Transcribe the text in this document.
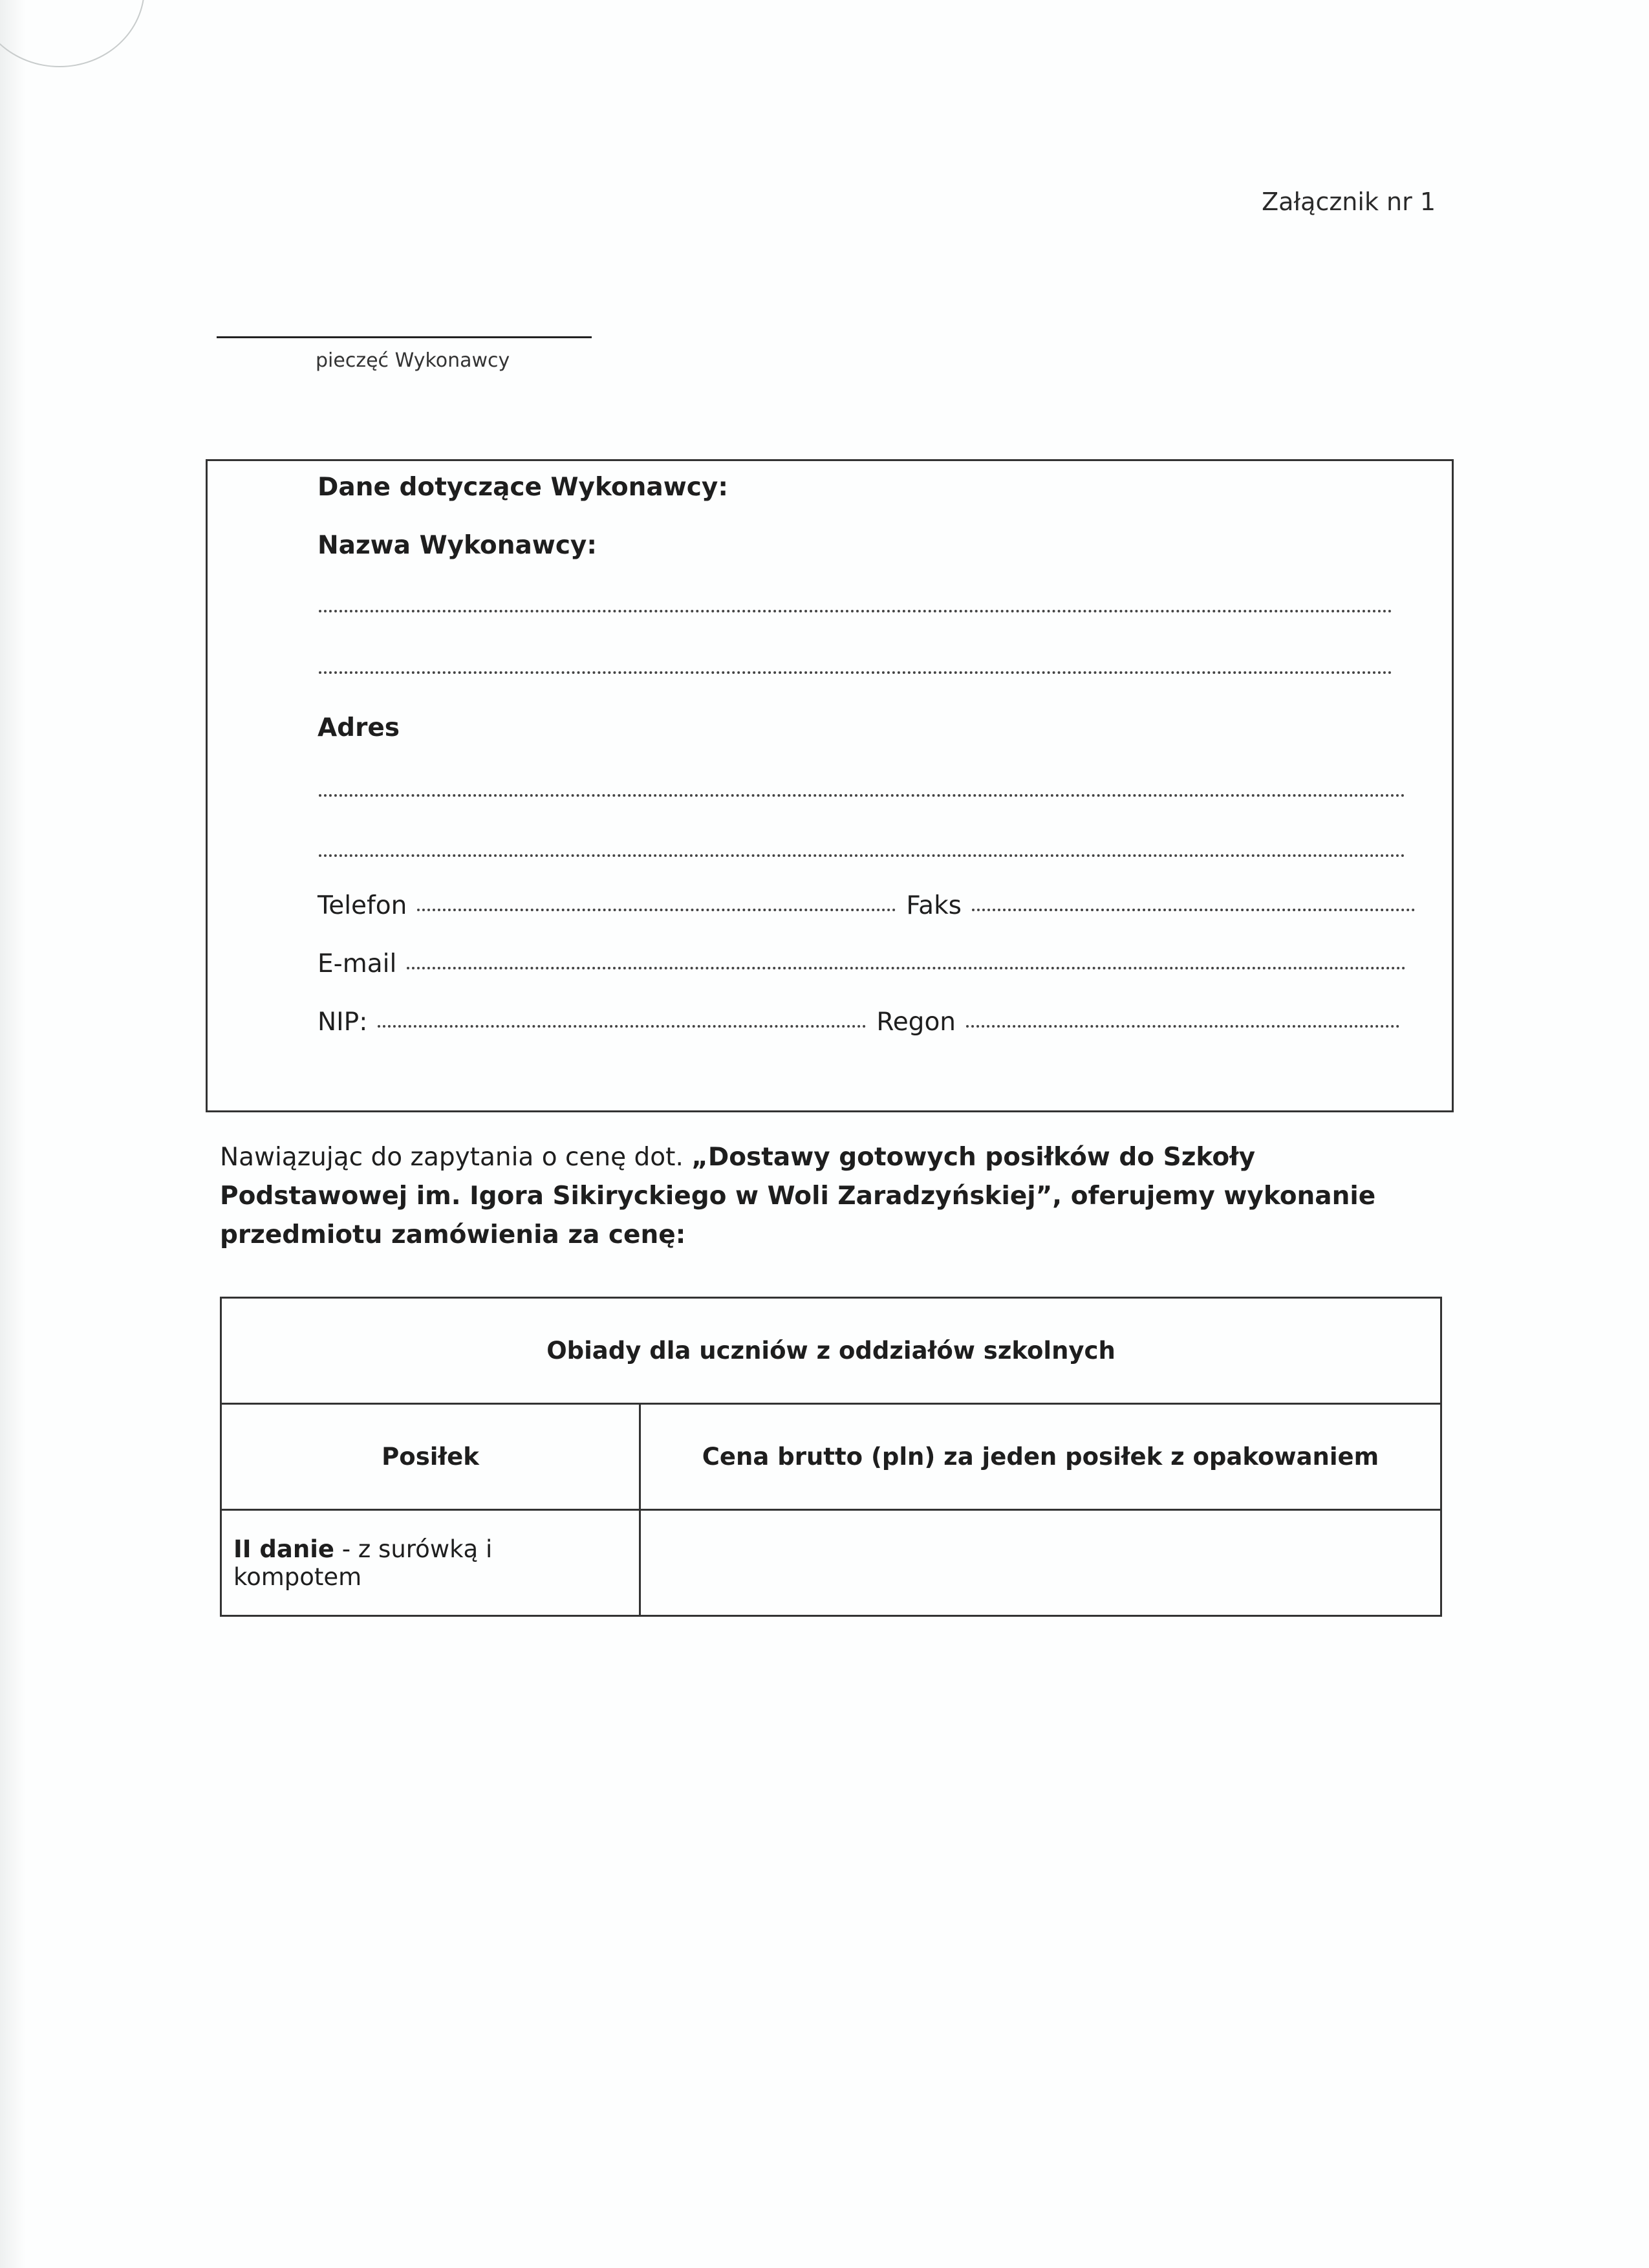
Załącznik nr 1
pieczęć Wykonawcy
Dane dotyczące Wykonawcy:
Nazwa Wykonawcy:
Adres
Telefon	Faks
E-mail
NIP:	Regon
Nawiązując do zapytania o cenę dot. „Dostawy gotowych posiłków do Szkoły Podstawowej im. Igora Sikiryckiego w Woli Zaradzyńskiej”, oferujemy wykonanie przedmiotu zamówienia za cenę:
Obiady dla uczniów z oddziałów szkolnych	
Posiłek	Cena brutto (pln) za jeden posiłek z opakowaniem
II danie - z surówką i kompotem	
